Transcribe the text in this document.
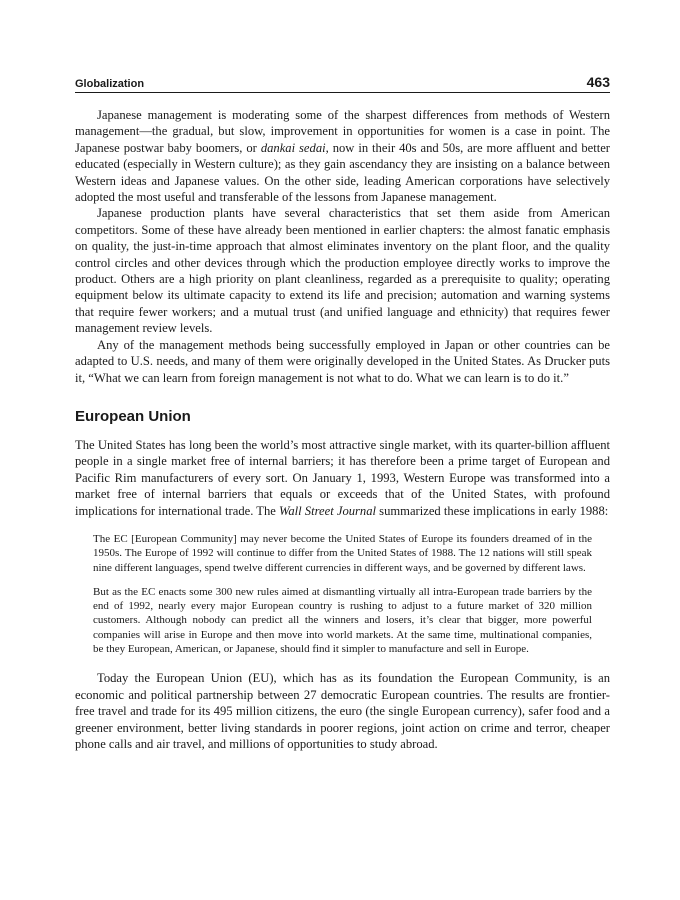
Globalization	463

Japanese management is moderating some of the sharpest differences from methods of Western management—the gradual, but slow, improvement in opportunities for women is a case in point. The Japanese postwar baby boomers, or dankai sedai, now in their 40s and 50s, are more affluent and better educated (especially in Western culture); as they gain ascendancy they are insisting on a balance between Western ideas and Japanese values. On the other side, leading American corporations have selectively adopted the most useful and transferable of the lessons from Japanese management.

Japanese production plants have several characteristics that set them aside from American competitors. Some of these have already been mentioned in earlier chapters: the almost fanatic emphasis on quality, the just-in-time approach that almost eliminates inventory on the plant floor, and the quality control circles and other devices through which the production employee directly works to improve the product. Others are a high priority on plant cleanliness, regarded as a prerequisite to quality; operating equipment below its ultimate capacity to extend its life and precision; automation and warning systems that require fewer workers; and a mutual trust (and unified language and ethnicity) that requires fewer management review levels.

Any of the management methods being successfully employed in Japan or other countries can be adapted to U.S. needs, and many of them were originally developed in the United States. As Drucker puts it, “What we can learn from foreign management is not what to do. What we can learn is to do it.”

European Union

The United States has long been the world’s most attractive single market, with its quarter-billion affluent people in a single market free of internal barriers; it has therefore been a prime target of European and Pacific Rim manufacturers of every sort. On January 1, 1993, Western Europe was transformed into a market free of internal barriers that equals or exceeds that of the United States, with profound implications for international trade. The Wall Street Journal summarized these implications in early 1988:

The EC [European Community] may never become the United States of Europe its founders dreamed of in the 1950s. The Europe of 1992 will continue to differ from the United States of 1988. The 12 nations will still speak nine different languages, spend twelve different currencies in different ways, and be governed by different laws.

But as the EC enacts some 300 new rules aimed at dismantling virtually all intra-European trade barriers by the end of 1992, nearly every major European country is rushing to adjust to a future market of 320 million customers. Although nobody can predict all the winners and losers, it’s clear that bigger, more powerful companies will arise in Europe and then move into world markets. At the same time, multinational companies, be they European, American, or Japanese, should find it simpler to manufacture and sell in Europe.

Today the European Union (EU), which has as its foundation the European Community, is an economic and political partnership between 27 democratic European countries. The results are frontier-free travel and trade for its 495 million citizens, the euro (the single European currency), safer food and a greener environment, better living standards in poorer regions, joint action on crime and terror, cheaper phone calls and air travel, and millions of opportunities to study abroad.
